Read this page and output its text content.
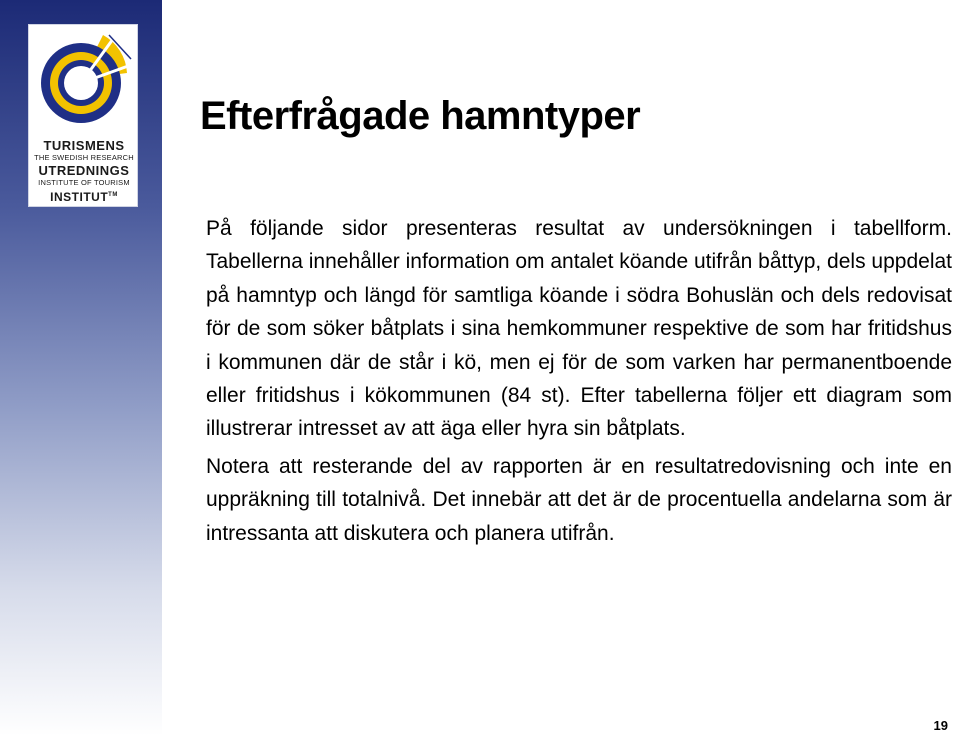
TURISMENS
THE SWEDISH RESEARCH
UTREDNINGS
INSTITUTE OF TOURISM
INSTITUT™
Efterfrågade hamntyper

På följande sidor presenteras resultat av undersökningen i tabellform. Tabellerna innehåller information om antalet köande utifrån båttyp, dels uppdelat på hamntyp och längd för samtliga köande i södra Bohuslän och dels redovisat för de som söker båtplats i sina hemkommuner respektive de som har fritidshus i kommunen där de står i kö, men ej för de som varken har permanentboende eller fritidshus i kökommunen (84 st). Efter tabellerna följer ett diagram som illustrerar intresset av att äga eller hyra sin båtplats.

Notera att resterande del av rapporten är en resultatredovisning och inte en uppräkning till totalnivå. Det innebär att det är de procentuella andelarna som är intressanta att diskutera och planera utifrån.

19
